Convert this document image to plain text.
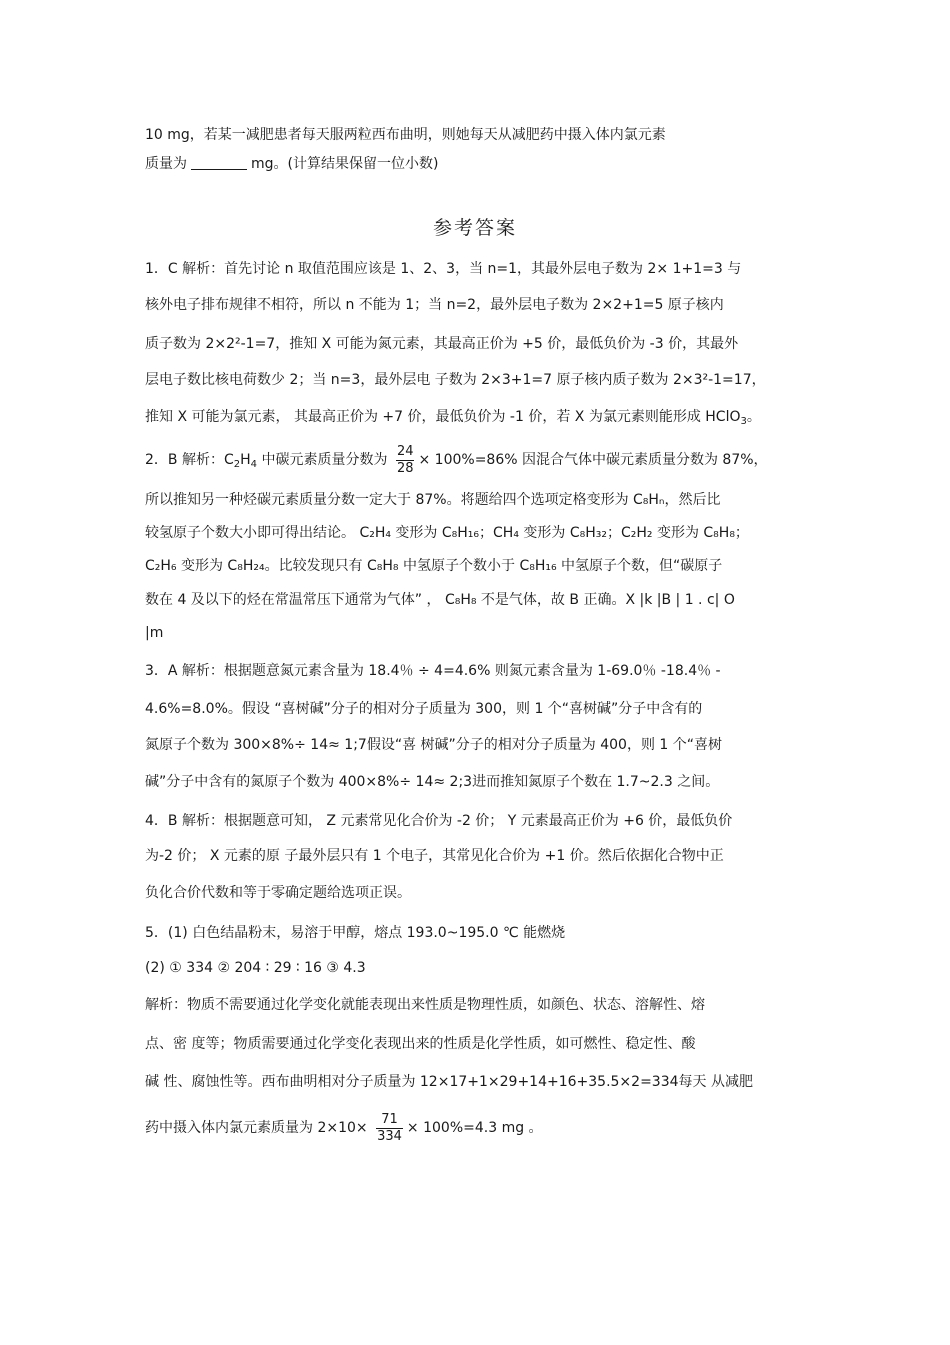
10 mg，若某一减肥患者每天服两粒西布曲明，则她每天从减肥药中摄入体内氯元素
质量为	mg。(计算结果保留一位小数)
参考答案
1．C 解析：首先讨论 n 取值范围应该是 1、2、3，当 n=1，其最外层电子数为 2× 1+1=3 与
核外电子排布规律不相符，所以 n 不能为 1；当 n=2，最外层电子数为 2×2+1=5 原子核内
质子数为 2×2²-1=7，推知 X 可能为氮元素，其最高正价为 +5 价，最低负价为 -3 价，其最外
层电子数比核电荷数少 2；当 n=3，最外层电 子数为 2×3+1=7 原子核内质子数为 2×3²-1=17，
推知 X 可能为氯元素， 其最高正价为 +7 价，最低负价为 -1 价，若 X 为氯元素则能形成 HClO$_3$。
2．B 解析：$C_2H_4$ 中碳元素质量分数为 $\frac{24}{28} \times 100\%=86\%$ 因混合气体中碳元素质量分数为 87%，
所以推知另一种烃碳元素质量分数一定大于 87%。将题给四个选项定格变形为 C₈Hₙ，然后比
较氢原子个数大小即可得出结论。 C₂H₄ 变形为 C₈H₁₆；CH₄ 变形为 C₈H₃₂；C₂H₂ 变形为 C₈H₈；
C₂H₆ 变形为 C₈H₂₄。比较发现只有 C₈H₈ 中氢原子个数小于 C₈H₁₆ 中氢原子个数，但“碳原子
数在 4 及以下的烃在常温常压下通常为气体” ， C₈H₈ 不是气体，故 B 正确。X |k |B | 1 . c| O
|m
3．A 解析：根据题意氮元素含量为 18.4％ ÷ 4=4.6% 则氮元素含量为 1-69.0％ -18.4％ -
4.6%=8.0%。假设 “喜树碱”分子的相对分子质量为 300，则 1 个“喜树碱”分子中含有的
氮原子个数为 300×8%÷ 14≈ 1;7假设“喜 树碱”分子的相对分子质量为 400，则 1 个“喜树
碱”分子中含有的氮原子个数为 400×8%÷ 14≈ 2;3进而推知氮原子个数在 1.7~2.3 之间。
4．B 解析：根据题意可知， Z 元素常见化合价为 -2 价； Y 元素最高正价为 +6 价，最低负价
为-2 价； X 元素的原 子最外层只有 1 个电子，其常见化合价为 +1 价。然后依据化合物中正
负化合价代数和等于零确定题给选项正误。
5．(1) 白色结晶粉末，易溶于甲醇，熔点 193.0~195.0 ℃ 能燃烧
(2) ① 334 ② 204 ∶ 29 ∶ 16 ③ 4.3
解析：物质不需要通过化学变化就能表现出来性质是物理性质，如颜色、状态、溶解性、熔
点、密 度等；物质需要通过化学变化表现出来的性质是化学性质，如可燃性、稳定性、酸
碱 性、腐蚀性等。西布曲明相对分子质量为 12×17+1×29+14+16+35.5×2=334每天 从减肥
药中摄入体内氯元素质量为 $2\times 10\times \frac{71}{334} \times 100\%=4.3$ mg 。
